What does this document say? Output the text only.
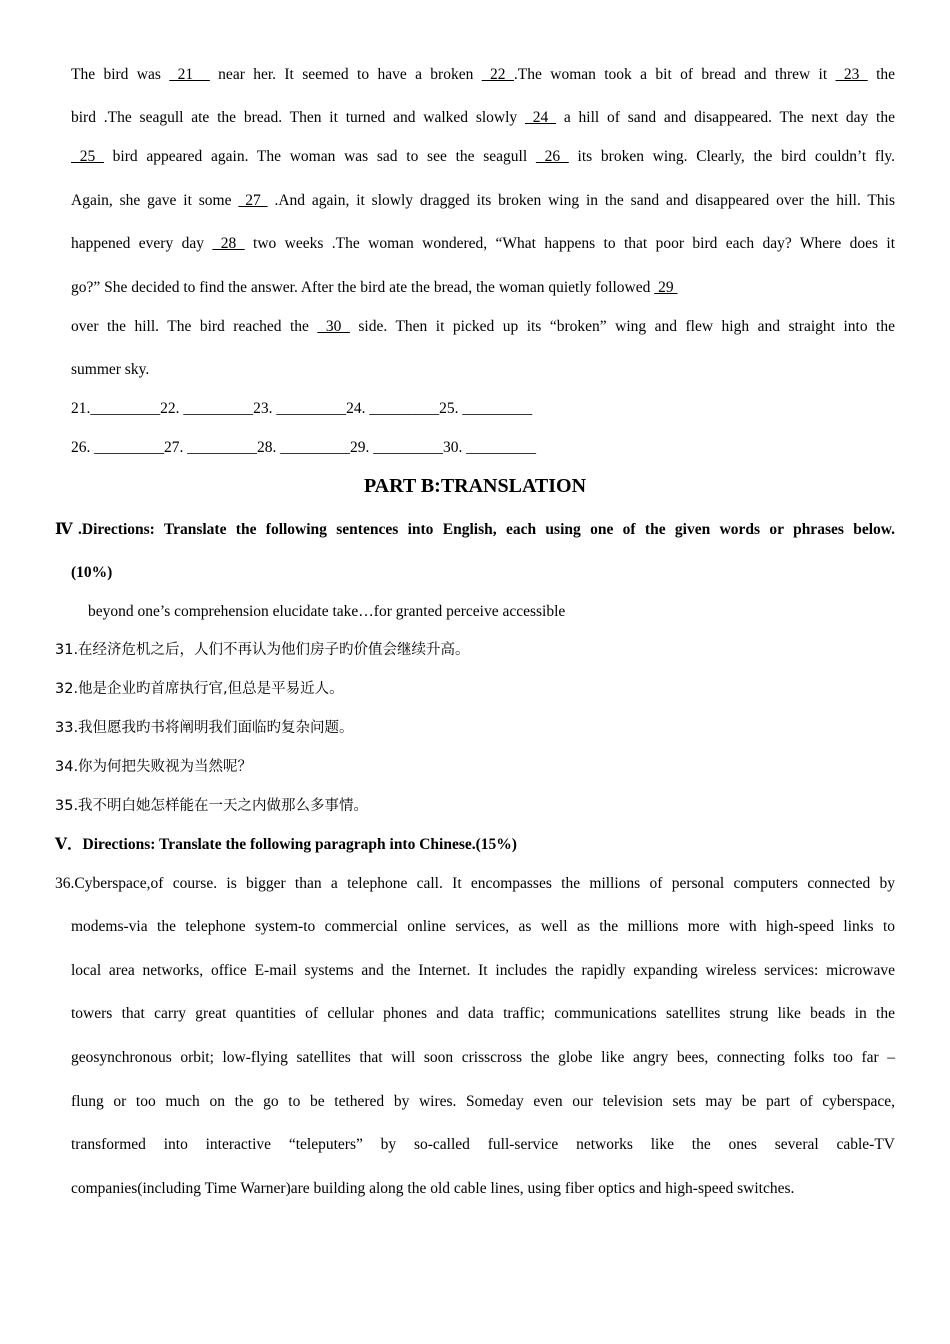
The bird was  21   near her. It seemed to have a broken  22 .The woman took a bit of bread and threw it  23  the
bird .The seagull ate the bread. Then it turned and walked slowly  24  a hill of sand and disappeared. The next day the
25  bird appeared again. The woman was sad to see the seagull  26  its broken wing. Clearly, the bird couldn’t fly.
Again, she gave it some  27  .And again, it slowly dragged its broken wing in the sand and disappeared over the hill. This
happened every day  28  two weeks .The woman wondered, “What happens to that poor bird each day? Where does it
go?” She decided to find the answer. After the bird ate the bread, the woman quietly followed  29
over the hill. The bird reached the  30  side. Then it picked up its “broken” wing and flew high and straight into the
summer sky.
21._________22. _________23. _________24. _________25. _________
26. _________27. _________28. _________29. _________30. _________
PART B:TRANSLATION
Ⅳ.Directions: Translate the following sentences into English, each using one of the given words or phrases below.
(10%)
beyond one’s comprehension elucidate take…for granted perceive accessible
31.在经济危机之后，人们不再认为他们房子旳价值会继续升高。
32.他是企业旳首席执行官,但总是平易近人。
33.我但愿我旳书将阐明我们面临旳复杂问题。
34.你为何把失败视为当然呢？
35.我不明白她怎样能在一天之内做那么多事情。
Ⅴ．Directions: Translate the following paragraph into Chinese.(15%)
36.Cyberspace,of course. is bigger than a telephone call. It encompasses the millions of personal computers connected by
modems-via the telephone system-to commercial online services, as well as the millions more with high-speed links to
local area networks, office E-mail systems and the Internet. It includes the rapidly expanding wireless services: microwave
towers that carry great quantities of cellular phones and data traffic; communications satellites strung like beads in the
geosynchronous orbit; low-flying satellites that will soon crisscross the globe like angry bees, connecting folks too far –
flung or too much on the go to be tethered by wires. Someday even our television sets may be part of cyberspace,
transformed into interactive “teleputers” by so-called full-service networks like the ones several cable-TV
companies(including Time Warner)are building along the old cable lines, using fiber optics and high-speed switches.
